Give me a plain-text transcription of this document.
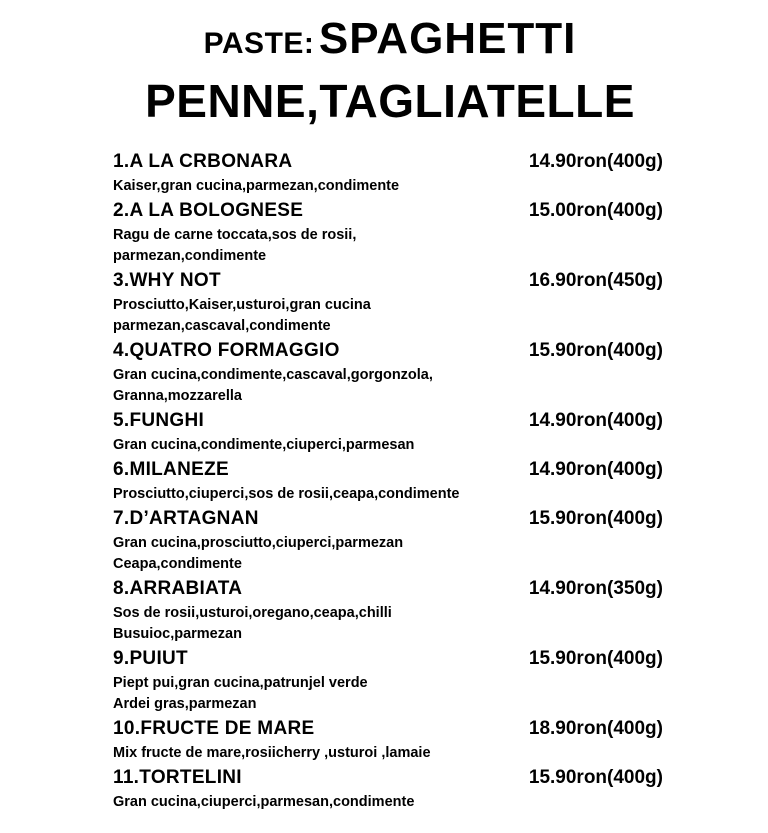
PASTE: SPAGHETTI
PENNE,TAGLIATELLE
1.A LA CRBONARA	14.90ron(400g)
Kaiser,gran cucina,parmezan,condimente
2.A LA BOLOGNESE	15.00ron(400g)
Ragu de carne toccata,sos de rosii,
parmezan,condimente
3.WHY NOT	16.90ron(450g)
Prosciutto,Kaiser,usturoi,gran cucina
parmezan,cascaval,condimente
4.QUATRO FORMAGGIO	15.90ron(400g)
Gran cucina,condimente,cascaval,gorgonzola,
Granna,mozzarella
5.FUNGHI	14.90ron(400g)
Gran cucina,condimente,ciuperci,parmesan
6.MILANEZE	14.90ron(400g)
Prosciutto,ciuperci,sos de rosii,ceapa,condimente
7.D’ARTAGNAN	15.90ron(400g)
Gran cucina,prosciutto,ciuperci,parmezan
Ceapa,condimente
8.ARRABIATA	14.90ron(350g)
Sos de rosii,usturoi,oregano,ceapa,chilli
Busuioc,parmezan
9.PUIUT	15.90ron(400g)
Piept pui,gran cucina,patrunjel verde
Ardei gras,parmezan
10.FRUCTE DE MARE	18.90ron(400g)
Mix fructe de mare,rosiicherry ,usturoi ,lamaie
11.TORTELINI	15.90ron(400g)
Gran cucina,ciuperci,parmesan,condimente
